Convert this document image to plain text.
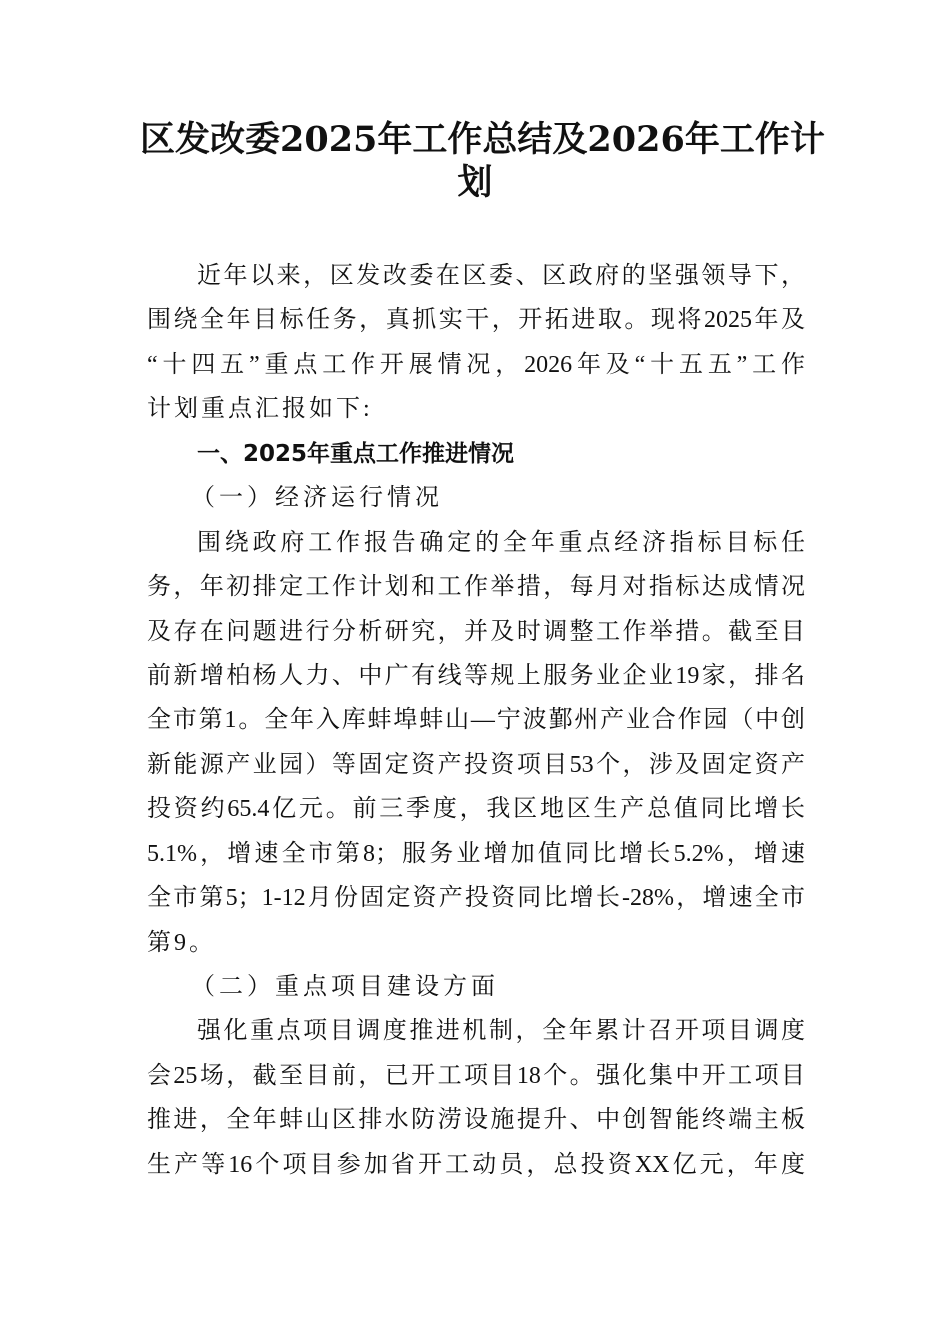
区发改委2025年工作总结及2026年工作计
划
近年以来，区发改委在区委、区政府的坚强领导下，
围绕全年目标任务，真抓实干，开拓进取。现将2025年及
“十四五”重点工作开展情况，2026年及“十五五”工作
计划重点汇报如下:
一、2025年重点工作推进情况
（一）经济运行情况
围绕政府工作报告确定的全年重点经济指标目标任
务，年初排定工作计划和工作举措，每月对指标达成情况
及存在问题进行分析研究，并及时调整工作举措。截至目
前新增柏杨人力、中广有线等规上服务业企业19家，排名
全市第1。全年入库蚌埠蚌山—宁波鄞州产业合作园（中创
新能源产业园）等固定资产投资项目53个，涉及固定资产
投资约65.4亿元。前三季度，我区地区生产总值同比增长
5.1%，增速全市第8；服务业增加值同比增长5.2%，增速
全市第5；1-12月份固定资产投资同比增长-28%，增速全市
第9。
（二）重点项目建设方面
强化重点项目调度推进机制，全年累计召开项目调度
会25场，截至目前，已开工项目18个。强化集中开工项目
推进，全年蚌山区排水防涝设施提升、中创智能终端主板
生产等16个项目参加省开工动员，总投资XX亿元，年度
